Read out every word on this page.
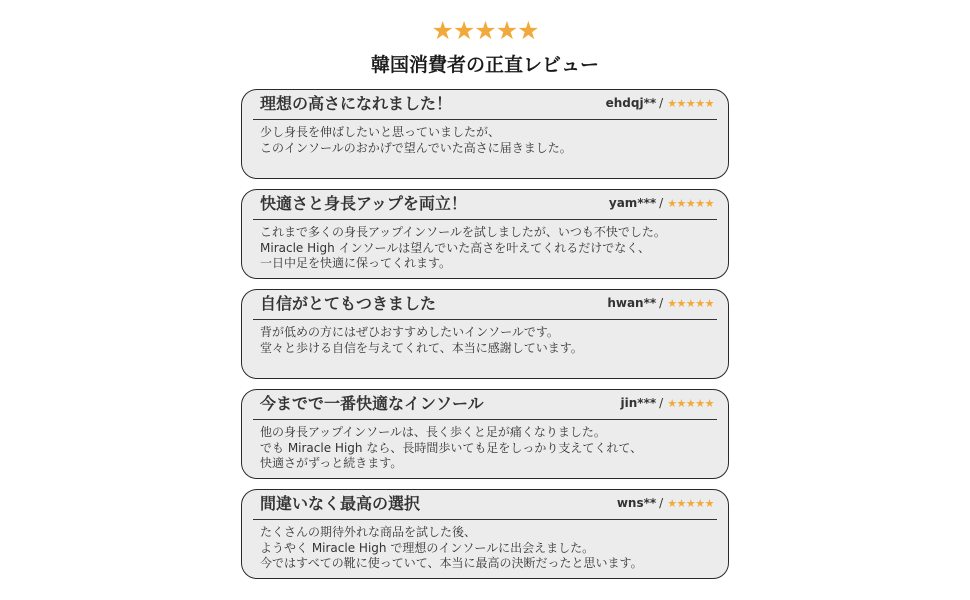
★★★★★
韓国消費者の正直レビュー
理想の高さになれました！	ehdqj** / ★★★★★
少し身長を伸ばしたいと思っていましたが、
このインソールのおかげで望んでいた高さに届きました。
快適さと身長アップを両立！	yam*** / ★★★★★
これまで多くの身長アップインソールを試しましたが、いつも不快でした。
Miracle High インソールは望んでいた高さを叶えてくれるだけでなく、
一日中足を快適に保ってくれます。
自信がとてもつきました	hwan** / ★★★★★
背が低めの方にはぜひおすすめしたいインソールです。
堂々と歩ける自信を与えてくれて、本当に感謝しています。
今までで一番快適なインソール	jin*** / ★★★★★
他の身長アップインソールは、長く歩くと足が痛くなりました。
でも Miracle High なら、長時間歩いても足をしっかり支えてくれて、
快適さがずっと続きます。
間違いなく最高の選択	wns** / ★★★★★
たくさんの期待外れな商品を試した後、
ようやく Miracle High で理想のインソールに出会えました。
今ではすべての靴に使っていて、本当に最高の決断だったと思います。
